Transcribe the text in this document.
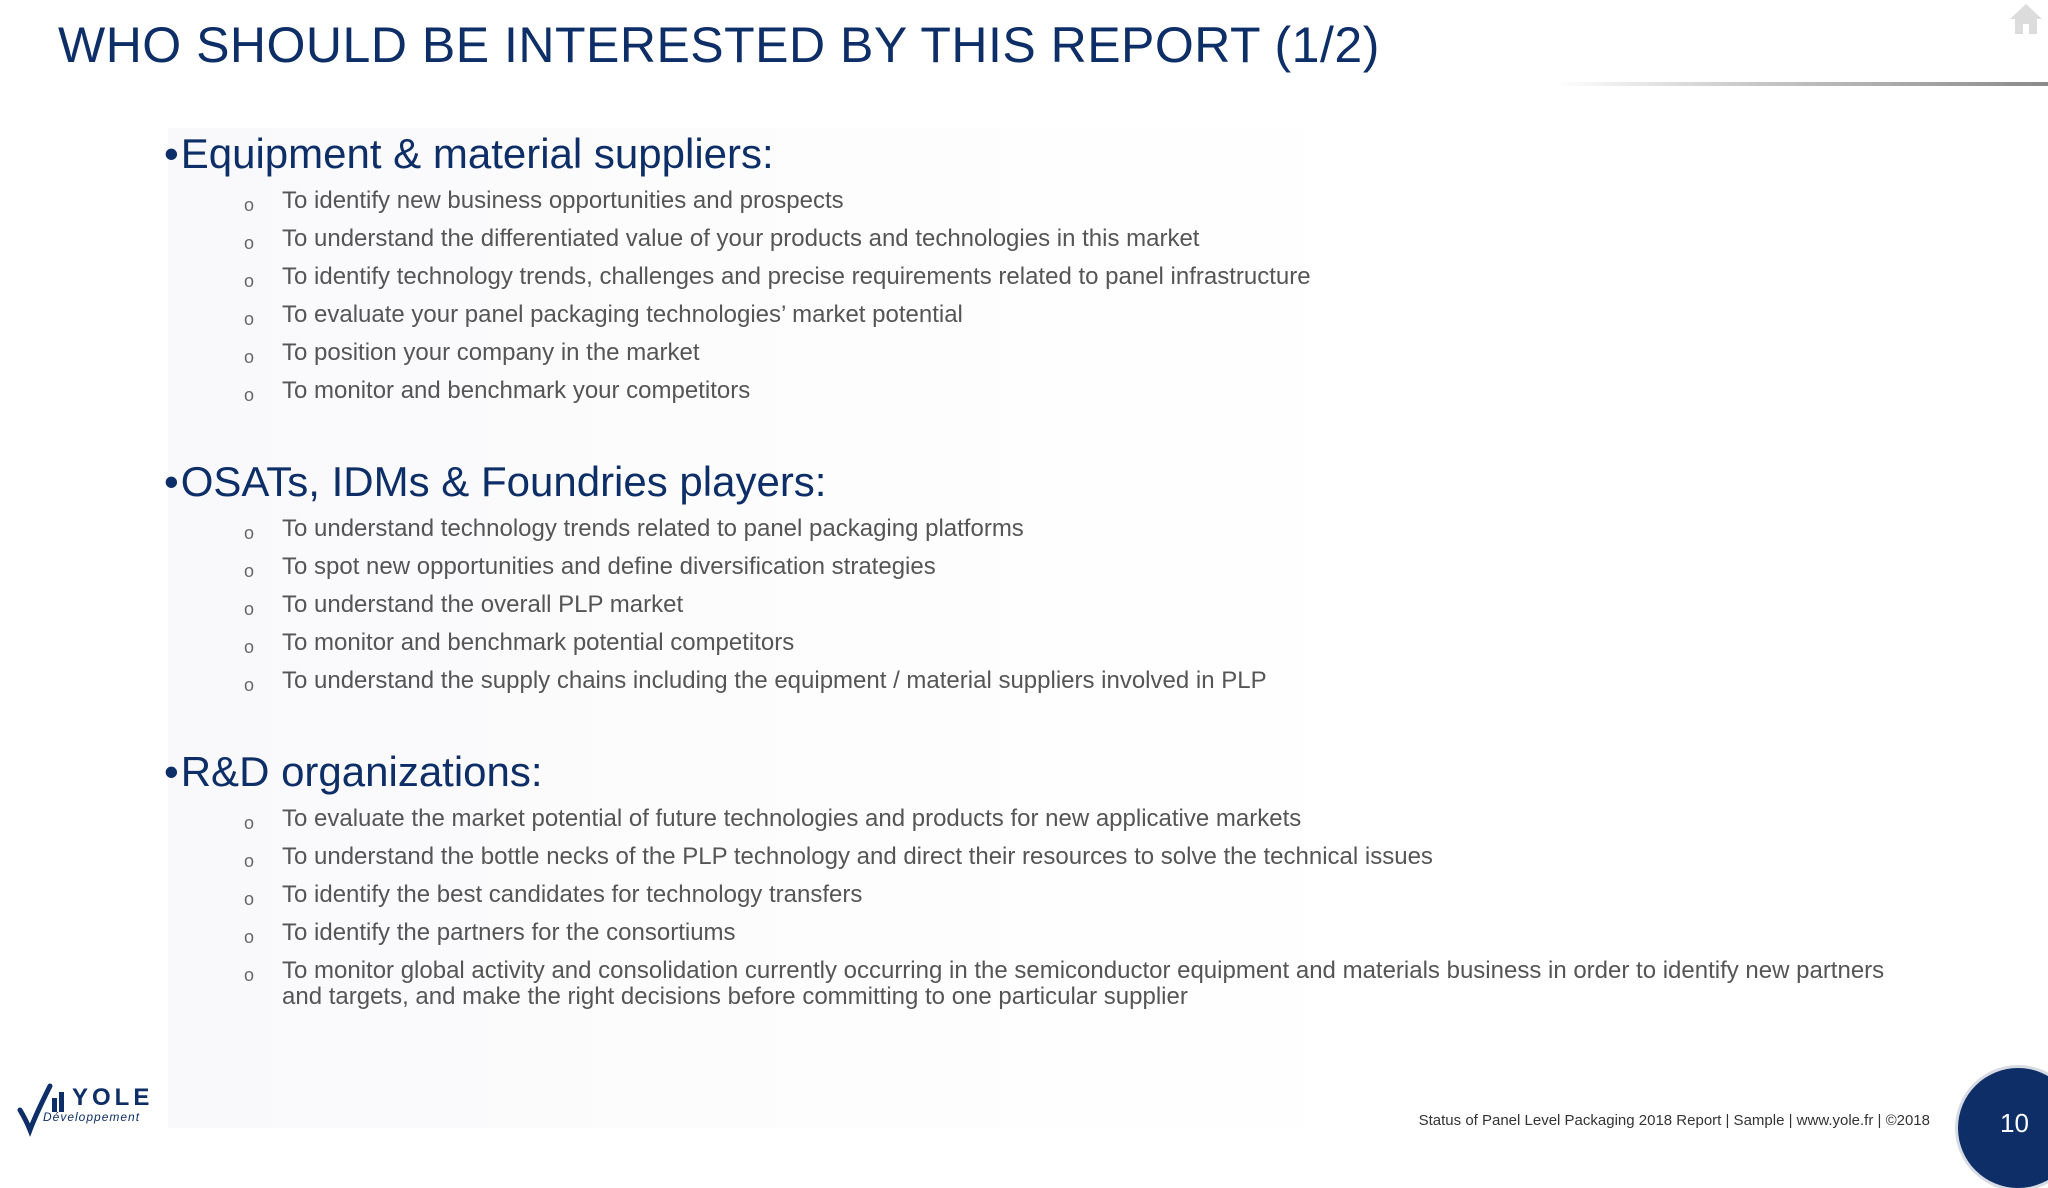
WHO SHOULD BE INTERESTED BY THIS REPORT (1/2)
•Equipment & material suppliers:
o To identify new business opportunities and prospects
o To understand the differentiated value of your products and technologies in this market
o To identify technology trends, challenges and precise requirements related to panel infrastructure
o To evaluate your panel packaging technologies’ market potential
o To position your company in the market
o To monitor and benchmark your competitors
•OSATs, IDMs & Foundries players:
o To understand technology trends related to panel packaging platforms
o To spot new opportunities and define diversification strategies
o To understand the overall PLP market
o To monitor and benchmark potential competitors
o To understand the supply chains including the equipment / material suppliers involved in PLP
•R&D organizations:
o To evaluate the market potential of future technologies and products for new applicative markets
o To understand the bottle necks of the PLP technology and direct their resources to solve the technical issues
o To identify the best candidates for technology transfers
o To identify the partners for the consortiums
o To monitor global activity and consolidation currently occurring in the semiconductor equipment and materials business in order to identify new partners and targets, and make the right decisions before committing to one particular supplier
YOLE
Développement	Status of Panel Level Packaging 2018 Report | Sample | www.yole.fr | ©2018	10
